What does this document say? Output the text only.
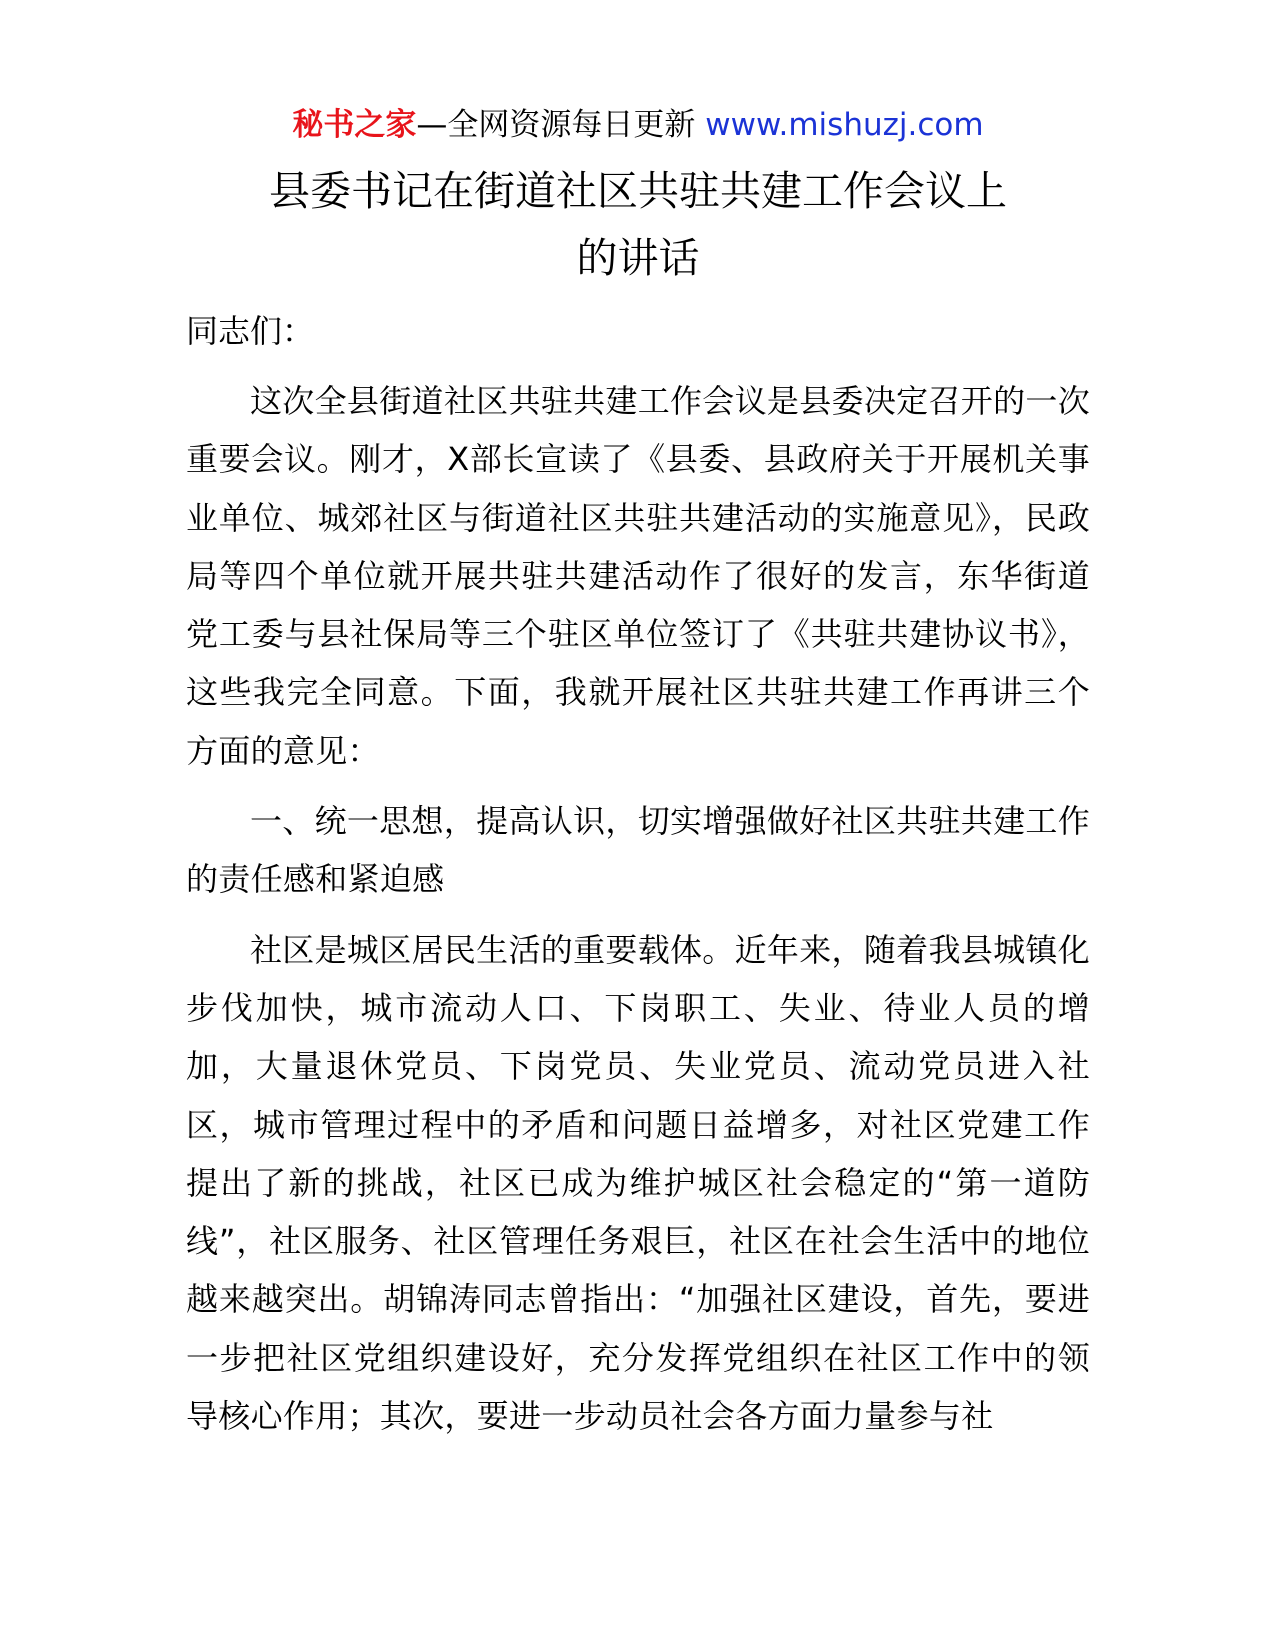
秘书之家—全网资源每日更新 www.mishuzj.com
县委书记在街道社区共驻共建工作会议上
的讲话
同志们：

这次全县街道社区共驻共建工作会议是县委决定召开的一次重要会议。刚才，X部长宣读了《县委、县政府关于开展机关事业单位、城郊社区与街道社区共驻共建活动的实施意见》，民政局等四个单位就开展共驻共建活动作了很好的发言，东华街道党工委与县社保局等三个驻区单位签订了《共驻共建协议书》，这些我完全同意。下面，我就开展社区共驻共建工作再讲三个方面的意见：

一、统一思想，提高认识，切实增强做好社区共驻共建工作的责任感和紧迫感

社区是城区居民生活的重要载体。近年来，随着我县城镇化步伐加快，城市流动人口、下岗职工、失业、待业人员的增加，大量退休党员、下岗党员、失业党员、流动党员进入社区，城市管理过程中的矛盾和问题日益增多，对社区党建工作提出了新的挑战，社区已成为维护城区社会稳定的“第一道防线”，社区服务、社区管理任务艰巨，社区在社会生活中的地位越来越突出。胡锦涛同志曾指出：“加强社区建设，首先，要进一步把社区党组织建设好，充分发挥党组织在社区工作中的领导核心作用；其次，要进一步动员社会各方面力量参与社
